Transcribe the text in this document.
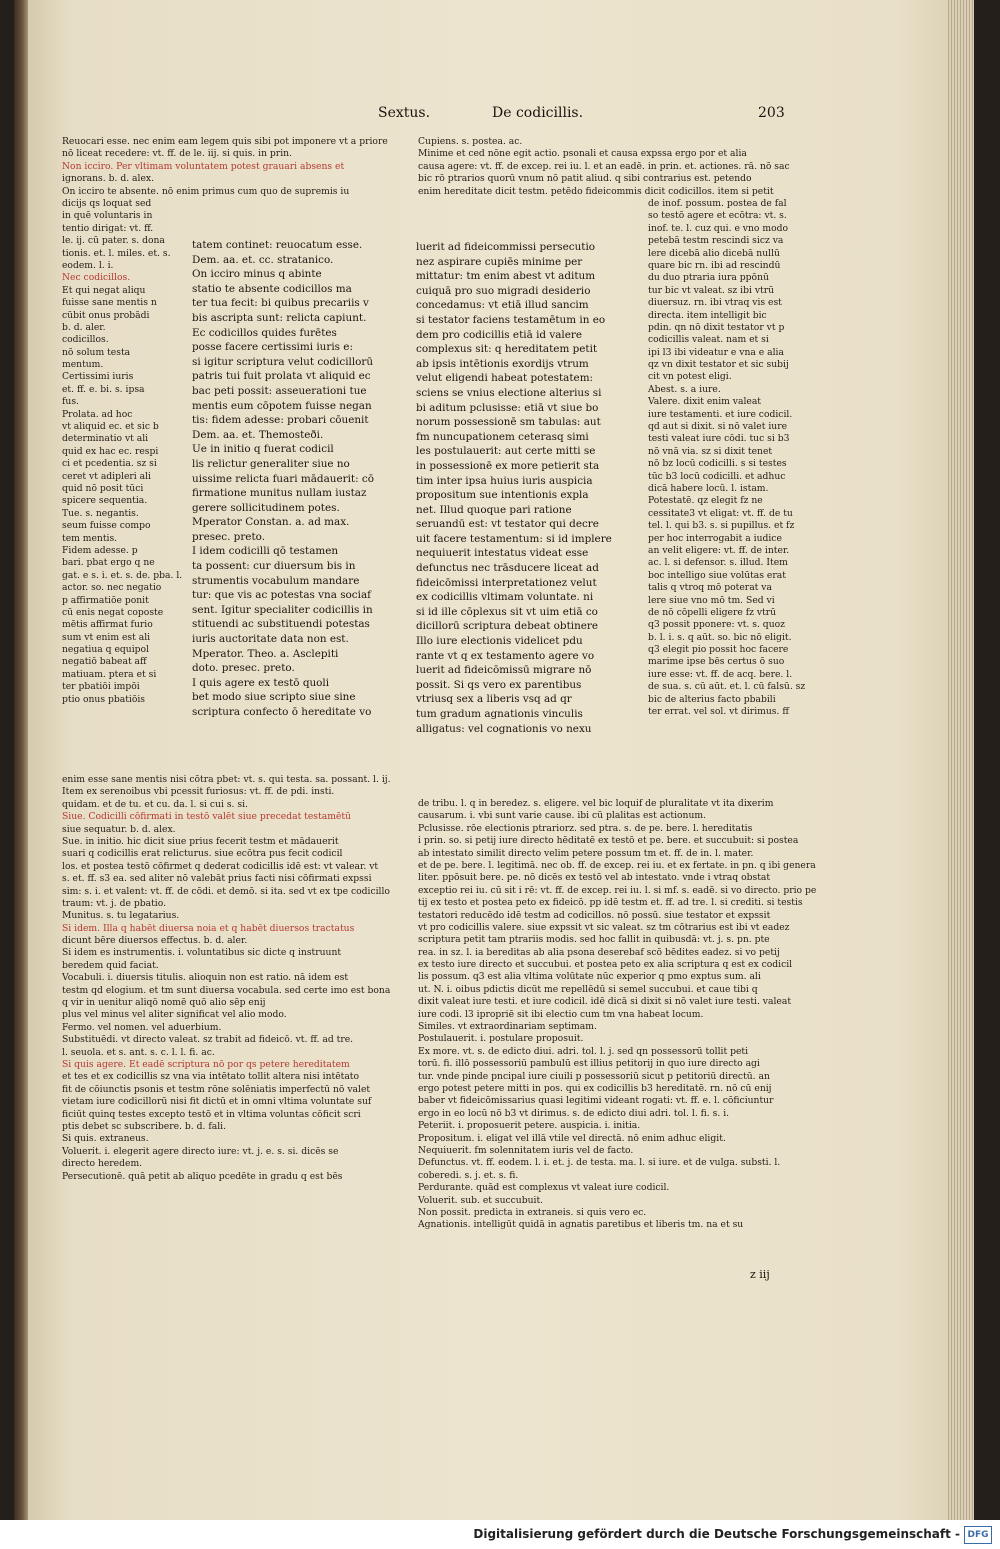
Sextus.	De codicillis.	203
Reuocari esse. nec enim eam legem quis sibi pot imponere vt a priore
nō liceat recedere: vt. ff. de le. iij. si quis. in prin.
Non icciro. Per vltimam voluntatem potest grauari absens et
ignorans. b. d. alex.
On icciro te absente. nō enim primus cum quo de supremis iu
Cupiens. s. postea. ac.
Minime et ced nōne egit actio. psonali et causa expssa ergo por et alia
causa agere: vt. ff. de excep. rei iu. l. et an eadē. in prin. et. actiones. rā. nō sac
bic rō ptrarios quorū vnum nō patit aliud. q sibi contrarius est. petendo
enim hereditate dicit testm. petēdo fideicommis dicit codicillos. item si petit
dicijs qs loquat sed
in quē voluntaris in
tentio dirigat: vt. ff.
le. ij. cū pater. s. dona
tionis. et. l. miles. et. s.
eodem. l. i.
Nec codicillos.
Et qui negat aliqu
fuisse sane mentis n
cūbit onus probādi
b. d. aler.
codicillos.
nō solum testa
mentum.
Certissimi iuris
et. ff. e. bi. s. ipsa
fus.
Prolata. ad hoc
vt aliquid ec. et sic b
determinatio vt ali
quid ex hac ec. respi
ci et pcedentia. sz si
ceret vt adipleri ali
quid nō posit tūci
spicere sequentia.
Tue. s. negantis.
seum fuisse compo
tem mentis.
Fidem adesse. p
bari. pbat ergo q ne
gat. e s. i. et. s. de. pba. l.
actor. so. nec negatio
p affirmatiōe ponit
cū enis negat coposte
mētis affirmat furio
sum vt enim est ali
negatiua q equipol
negatiō babeat aff
matiuam. ptera et si
ter pbatiōi impōi
ptio onus pbatiōis
tatem continet: reuocatum esse.
Dem. aa. et. cc. stratanico.
On icciro minus q abinte
statio te absente codicillos ma
ter tua fecit: bi quibus precariis v
bis ascripta sunt: relicta capiunt.
Ec codicillos quides furētes
posse facere certissimi iuris e:
si igitur scriptura velut codicillorū
patris tui fuit prolata vt aliquid ec
bac peti possit: asseuerationi tue
mentis eum cōpotem fuisse negan
tis: fidem adesse: probari cōuenit
Dem. aa. et. Themosteði.
Ue in initio q fuerat codicil
lis relictur generaliter siue no
uissime relicta fuari mādauerit: cō
firmatione munitus nullam iustaz
gerere sollicitudinem potes.
Mperator Constan. a. ad max.
presec. preto.
I idem codicilli qō testamen
ta possent: cur diuersum bis in
strumentis vocabulum mandare
tur: que vis ac potestas vna sociaf
sent. Igitur specialiter codicillis in
stituendi ac substituendi potestas
iuris auctoritate data non est.
Mperator. Theo. a. Asclepiti
doto. presec. preto.
I quis agere ex testō quoli
bet modo siue scripto siue sine
scriptura confecto ō hereditate vo
luerit ad fideicommissi persecutio
nez aspirare cupiēs minime per
mittatur: tm enim abest vt aditum
cuiquā pro suo migradi desiderio
concedamus: vt etiā illud sancim
si testator faciens testamētum in eo
dem pro codicillis etiā id valere
complexus sit: q hereditatem petit
ab ipsis intētionis exordijs vtrum
velut eligendi habeat potestatem:
sciens se vnius electione alterius si
bi aditum pclusisse: etiā vt siue bo
norum possessionē sm tabulas: aut
fm nuncupationem ceterasq simi
les postulauerit: aut certe mitti se
in possessionē ex more petierit sta
tim inter ipsa huius iuris auspicia
propositum sue intentionis expla
net. Illud quoque pari ratione
seruandū est: vt testator qui decre
uit facere testamentum: si id implere
nequiuerit intestatus videat esse
defunctus nec trāsducere liceat ad
fideicōmissi interpretationez velut
ex codicillis vltimam voluntate. ni
si id ille cōplexus sit vt uim etiā co
dicillorū scriptura debeat obtinere
Illo iure electionis videlicet pdu
rante vt q ex testamento agere vo
luerit ad fideicōmissū migrare nō
possit. Si qs vero ex parentibus
vtriusq sex a liberis vsq ad qr
tum gradum agnationis vinculis
alligatus: vel cognationis vo nexu
de inof. possum. postea de fal
so testō agere et ecōtra: vt. s.
inof. te. l. cuz qui. e vno modo
petebā testm rescindi sicz va
lere dicebā alio dicebā nullū
quare bic rn. ibi ad rescindū
du duo ptraria iura ppōnū
tur bic vt valeat. sz ibi vtrū
diuersuz. rn. ibi vtraq vis est
directa. item intelligit bic
pdin. qn nō dixit testator vt p
codicillis valeat. nam et si
ipi l3 ibi videatur e vna e alia
qz vn dixit testator et sic subij
cit vn potest eligi.
Abest. s. a iure.
Valere. dixit enim valeat
iure testamenti. et iure codicil.
qd aut si dixit. si nō valet iure
testi valeat iure cōdi. tuc si b3
nō vnā via. sz si dixit tenet
nō bz locū codicilli. s si testes
tūc b3 locū codicilli. et adhuc
dicā habere locū. l. istam.
Potestatē. qz elegit fz ne
cessitate3 vt eligat: vt. ff. de tu
tel. l. qui b3. s. si pupillus. et fz
per hoc interrogabit a iudice
an velit eligere: vt. ff. de inter.
ac. l. si defensor. s. illud. Item
boc intelligo siue volūtas erat
talis q vtroq mō poterat va
lere siue vno mō tm. Sed vi
de nō cōpelli eligere fz vtrū
q3 possit pponere: vt. s. quoz
b. l. i. s. q aūt. so. bic nō eligit.
q3 elegit pio possit hoc facere
marime ipse bēs certus ō suo
iure esse: vt. ff. de acq. bere. l.
de sua. s. cū aūt. et. l. cū falsū. sz
bic de alterius facto pbabili
ter errat. vel sol. vt dirimus. ff
enim esse sane mentis nisi cōtra pbet: vt. s. qui testa. sa. possant. l. ij.
Item ex serenoibus vbi pcessit furiosus: vt. ff. de pdi. insti.
quidam. et de tu. et cu. da. l. si cui s. si.
Siue. Codicilli cōfirmati in testō valēt siue precedat testamētū
siue sequatur. b. d. alex.
Sue. in initio. hic dicit siue prius fecerit testm et mādauerit
suari q codicillis erat relicturus. siue ecōtra pus fecit codicil
los. et postea testō cōfirmet q dederat codicillis idē est: vt valear. vt
s. et. ff. s3 ea. sed aliter nō valebāt prius facti nisi cōfirmati expssi
sim: s. i. et valent: vt. ff. de cōdi. et demō. si ita. sed vt ex tpe codicillo
traum: vt. j. de pbatio.
Munitus. s. tu legatarius.
Si idem. Illa q habēt diuersa noia et q habēt diuersos tractatus
dicunt bēre diuersos effectus. b. d. aler.
Si idem es instrumentis. i. voluntatibus sic dicte q instruunt
beredem quid faciat.
Vocabuli. i. diuersis titulis. alioquin non est ratio. nā idem est
testm qd elogium. et tm sunt diuersa vocabula. sed certe imo est bona
q vir in uenitur aliqō nomē quō alio sēp enij
plus vel minus vel aliter significat vel alio modo.
Fermo. vel nomen. vel aduerbium.
Substituēdi. vt directo valeat. sz trabit ad fideicō. vt. ff. ad tre.
l. seuola. et s. ant. s. c. l. l. fi. ac.
Si quis agere. Et eadē scriptura nō por qs petere hereditatem
et tes et ex codicillis sz vna via intētato tollit altera nisi intētato
fit de cōiunctis psonis et testm rōne solēniatis imperfectū nō valet
vietam iure codicillorū nisi fit dictū et in omni vltima voluntate suf
ficiūt quinq testes excepto testō et in vltima voluntas cōficit scri
ptis debet sc subscribere. b. d. fali.
Si quis. extraneus.
Voluerit. i. elegerit agere directo iure: vt. j. e. s. si. dicēs se
directo heredem.
Persecutionē. quā petit ab aliquo pcedēte in gradu q est bēs
de tribu. l. q in beredez. s. eligere. vel bic loquif de pluralitate vt ita dixerim
causarum. i. vbi sunt varie cause. ibi cū plalitas est actionum.
Pclusisse. rōe electionis ptrariorz. sed ptra. s. de pe. bere. l. hereditatis
i prin. so. si petij iure directo hēditatē ex testō et pe. bere. et succubuit: si postea
ab intestato similit directo velim petere possum tm et. ff. de in. l. mater.
et de pe. bere. l. legitimā. nec ob. ff. de excep. rei iu. et ex fertate. in pn. q ibi genera
liter. ppōsuit bere. pe. nō dicēs ex testō vel ab intestato. vnde i vtraq obstat
exceptio rei iu. cū sit i rē: vt. ff. de excep. rei iu. l. si mf. s. eadē. si vo directo. prio pe
tij ex testo et postea peto ex fideicō. pp idē testm et. ff. ad tre. l. si crediti. si testis
testatori reducēdo idē testm ad codicillos. nō possū. siue testator et expssit
vt pro codicillis valere. siue expssit vt sic valeat. sz tm cōtrarius est ibi vt eadez
scriptura petit tam ptrariis modis. sed hoc fallit in quibusdā: vt. j. s. pn. pte
rea. in sz. l. ia bereditas ab alia psona deserebaf scō bēdites eadez. si vo petij
ex testo iure directo et succubui. et postea peto ex alia scriptura q est ex codicil
lis possum. q3 est alia vltima volūtate nūc experior q pmo exptus sum. ali
ut. N. i. oibus pdictis dicūt me repellēdū si semel succubui. et caue tibi q
dixit valeat iure testi. et iure codicil. idē dicā si dixit si nō valet iure testi. valeat
iure codi. l3 ipropriē sit ibi electio cum tm vna habeat locum.
Similes. vt extraordinariam septimam.
Postulauerit. i. postulare proposuit.
Ex more. vt. s. de edicto diui. adri. tol. l. j. sed qn possessorū tollit peti
torū. fi. illō possessoriū pambulū est illius petitorij in quo iure directo agi
tur. vnde pinde pncipal iure ciuili p possessoriū sicut p petitoriū directū. an
ergo potest petere mitti in pos. qui ex codicillis b3 hereditatē. rn. nō cū enij
baber vt fideicōmissarius quasi legitimi videant rogati: vt. ff. e. l. cōficiuntur
ergo in eo locū nō b3 vt dirimus. s. de edicto diui adri. tol. l. fi. s. i.
Peteriit. i. proposuerit petere. auspicia. i. initia.
Propositum. i. eligat vel illā vtile vel directā. nō enim adhuc eligit.
Nequiuerit. fm solennitatem iuris vel de facto.
Defunctus. vt. ff. eodem. l. i. et. j. de testa. ma. l. si iure. et de vulga. substi. l.
coberedi. s. j. et. s. fi.
Perdurante. quād est complexus vt valeat iure codicil.
Voluerit. sub. et succubuit.
Non possit. predicta in extraneis. si quis vero ec.
Agnationis. intelligūt quidā in agnatis paretibus et liberis tm. na et su
z iij
Digitalisierung gefördert durch die Deutsche Forschungsgemeinschaft - DFG
